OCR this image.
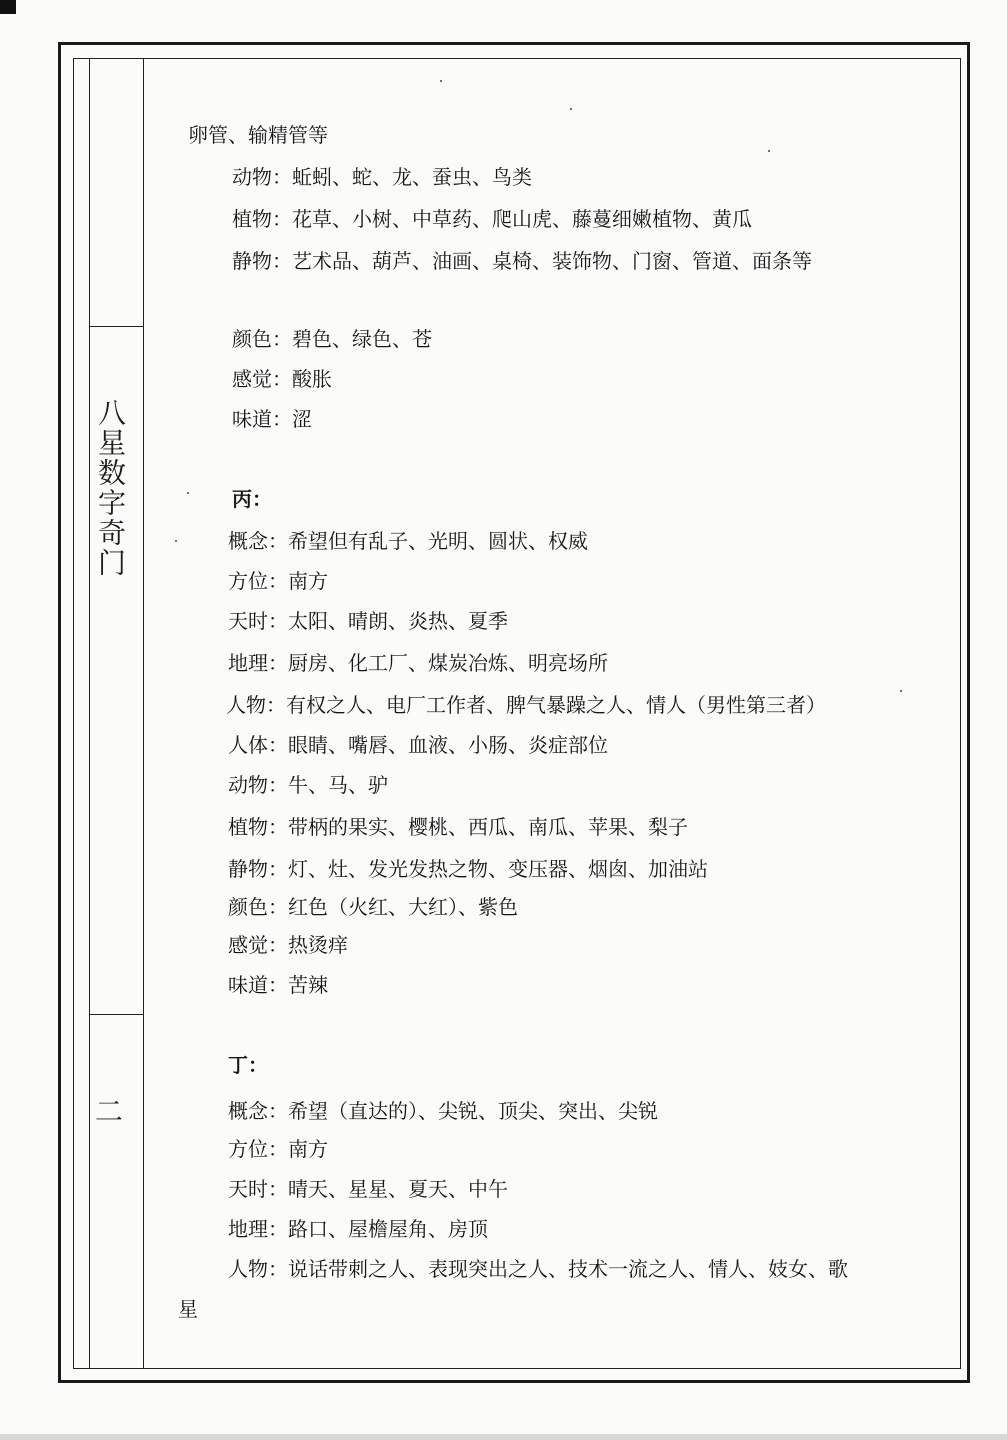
八星数字奇门
二
卵管、输精管等
动物：蚯蚓、蛇、龙、蚕虫、鸟类
植物：花草、小树、中草药、爬山虎、藤蔓细嫩植物、黄瓜
静物：艺术品、葫芦、油画、桌椅、装饰物、门窗、管道、面条等
颜色：碧色、绿色、苍
感觉：酸胀
味道：涩
丙：
概念：希望但有乱子、光明、圆状、权威
方位：南方
天时：太阳、晴朗、炎热、夏季
地理：厨房、化工厂、煤炭冶炼、明亮场所
人物：有权之人、电厂工作者、脾气暴躁之人、情人（男性第三者）
人体：眼睛、嘴唇、血液、小肠、炎症部位
动物：牛、马、驴
植物：带柄的果实、樱桃、西瓜、南瓜、苹果、梨子
静物：灯、灶、发光发热之物、变压器、烟囱、加油站
颜色：红色（火红、大红）、紫色
感觉：热烫痒
味道：苦辣
丁：
概念：希望（直达的）、尖锐、顶尖、突出、尖锐
方位：南方
天时：晴天、星星、夏天、中午
地理：路口、屋檐屋角、房顶
人物：说话带刺之人、表现突出之人、技术一流之人、情人、妓女、歌
星
